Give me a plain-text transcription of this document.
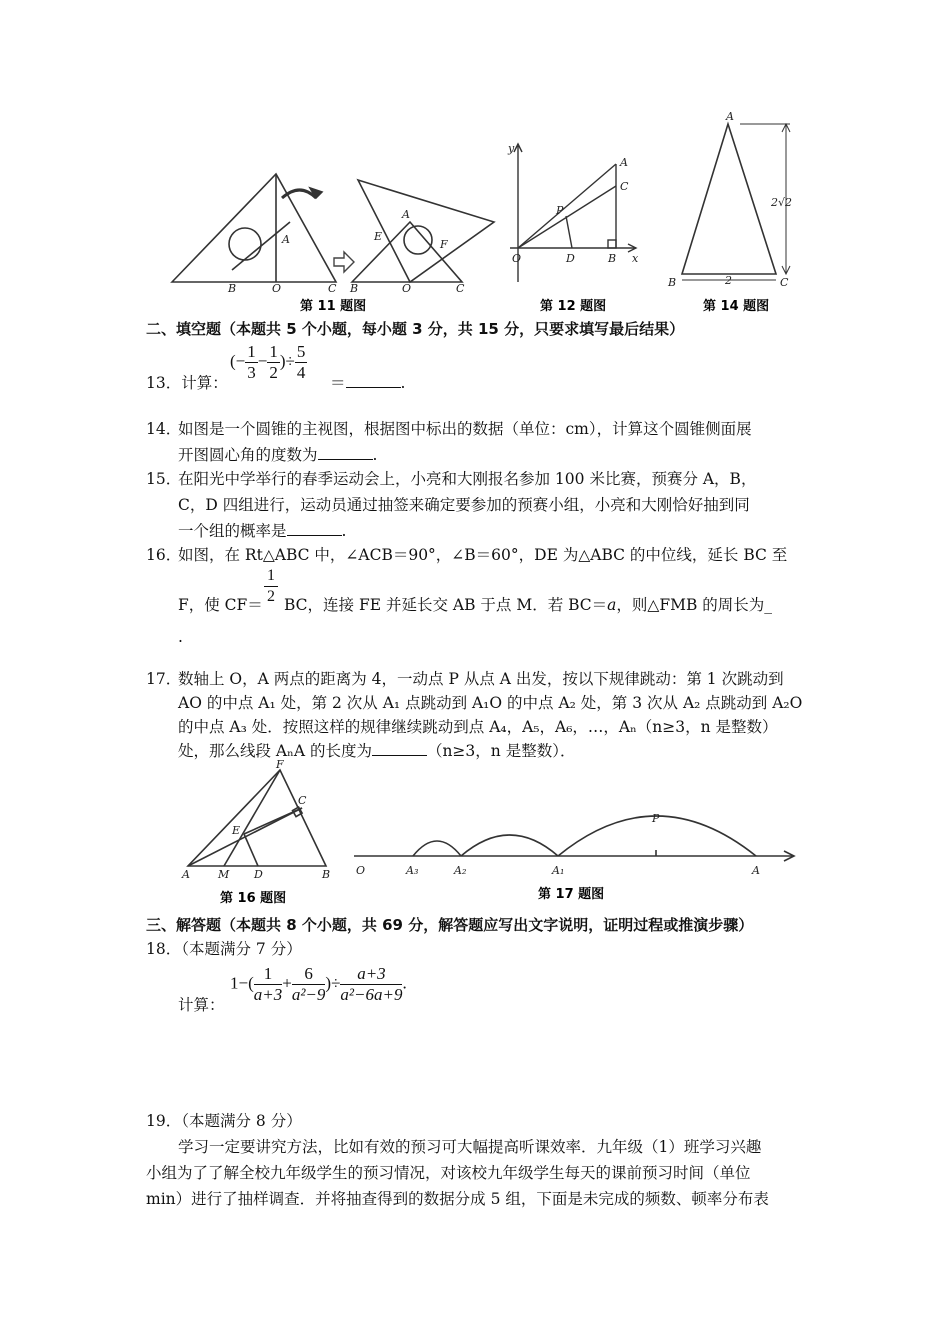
A
B	O	C
A
E
F
B	O	C
y
A
C
P
O	D	B x
A
B	C
2√2
2
第 11 题图	第 12 题图	第 14 题图
二、填空题（本题共 5 个小题，每小题 3 分，共 15 分，只要求填写最后结果）
13．计算：
(− $\frac{1}{3} - \frac{1}{2}$ )÷ $\frac{5}{4}$ ＝	.
14．
如图是一个圆锥的主视图，根据图中标出的数据（单位：cm），计算这个圆锥侧面展
开图圆心角的度数为	.
15．
在阳光中学举行的春季运动会上，小亮和大刚报名参加 100 米比赛，预赛分 A，B，
C，D 四组进行，运动员通过抽签来确定要参加的预赛小组，小亮和大刚恰好抽到同
一个组的概率是	.
16．
如图，在 Rt△ABC 中，∠ACB＝90°，∠B＝60°，DE 为△ABC 的中位线，延长 BC 至
F，使 $CF= \frac{1}{2}$ BC，连接 FE 并延长交 AB 于点 M．若 BC＝a，则△FMB 的周长为_
.
17．
数轴上 O，A 两点的距离为 4，一动点 P 从点 A 出发，按以下规律跳动：第 1 次跳动到
AO 的中点 A₁ 处，第 2 次从 A₁ 点跳动到 A₁O 的中点 A₂ 处，第 3 次从 A₂ 点跳动到 A₂O
的中点 A₃ 处．按照这样的规律继续跳动到点 A₄，A₅，A₆，…，Aₙ（n≥3，n 是整数）
处，那么线段 AₙA 的长度为	（n≥3，n 是整数）．
F
C
E
A	M D	B
第 16 题图
O	A₃	A₂	A₁
P
A
第 17 题图
三、解答题（本题共 8 个小题，共 69 分，解答题应写出文字说明，证明过程或推演步骤）
18．（本题满分 7 分）
计算：
$1-( \frac{1}{a+3} + \frac{6}{\text{a²−9}}$ )÷ $\frac{a+3}{\text{a²−6a+9}}$ .
19．（本题满分 8 分）
学习一定要讲究方法，比如有效的预习可大幅提高听课效率．九年级（1）班学习兴趣
小组为了了解全校九年级学生的预习情况，对该校九年级学生每天的课前预习时间（单位
min）进行了抽样调查．并将抽查得到的数据分成 5 组，下面是未完成的频数、顿率分布表
